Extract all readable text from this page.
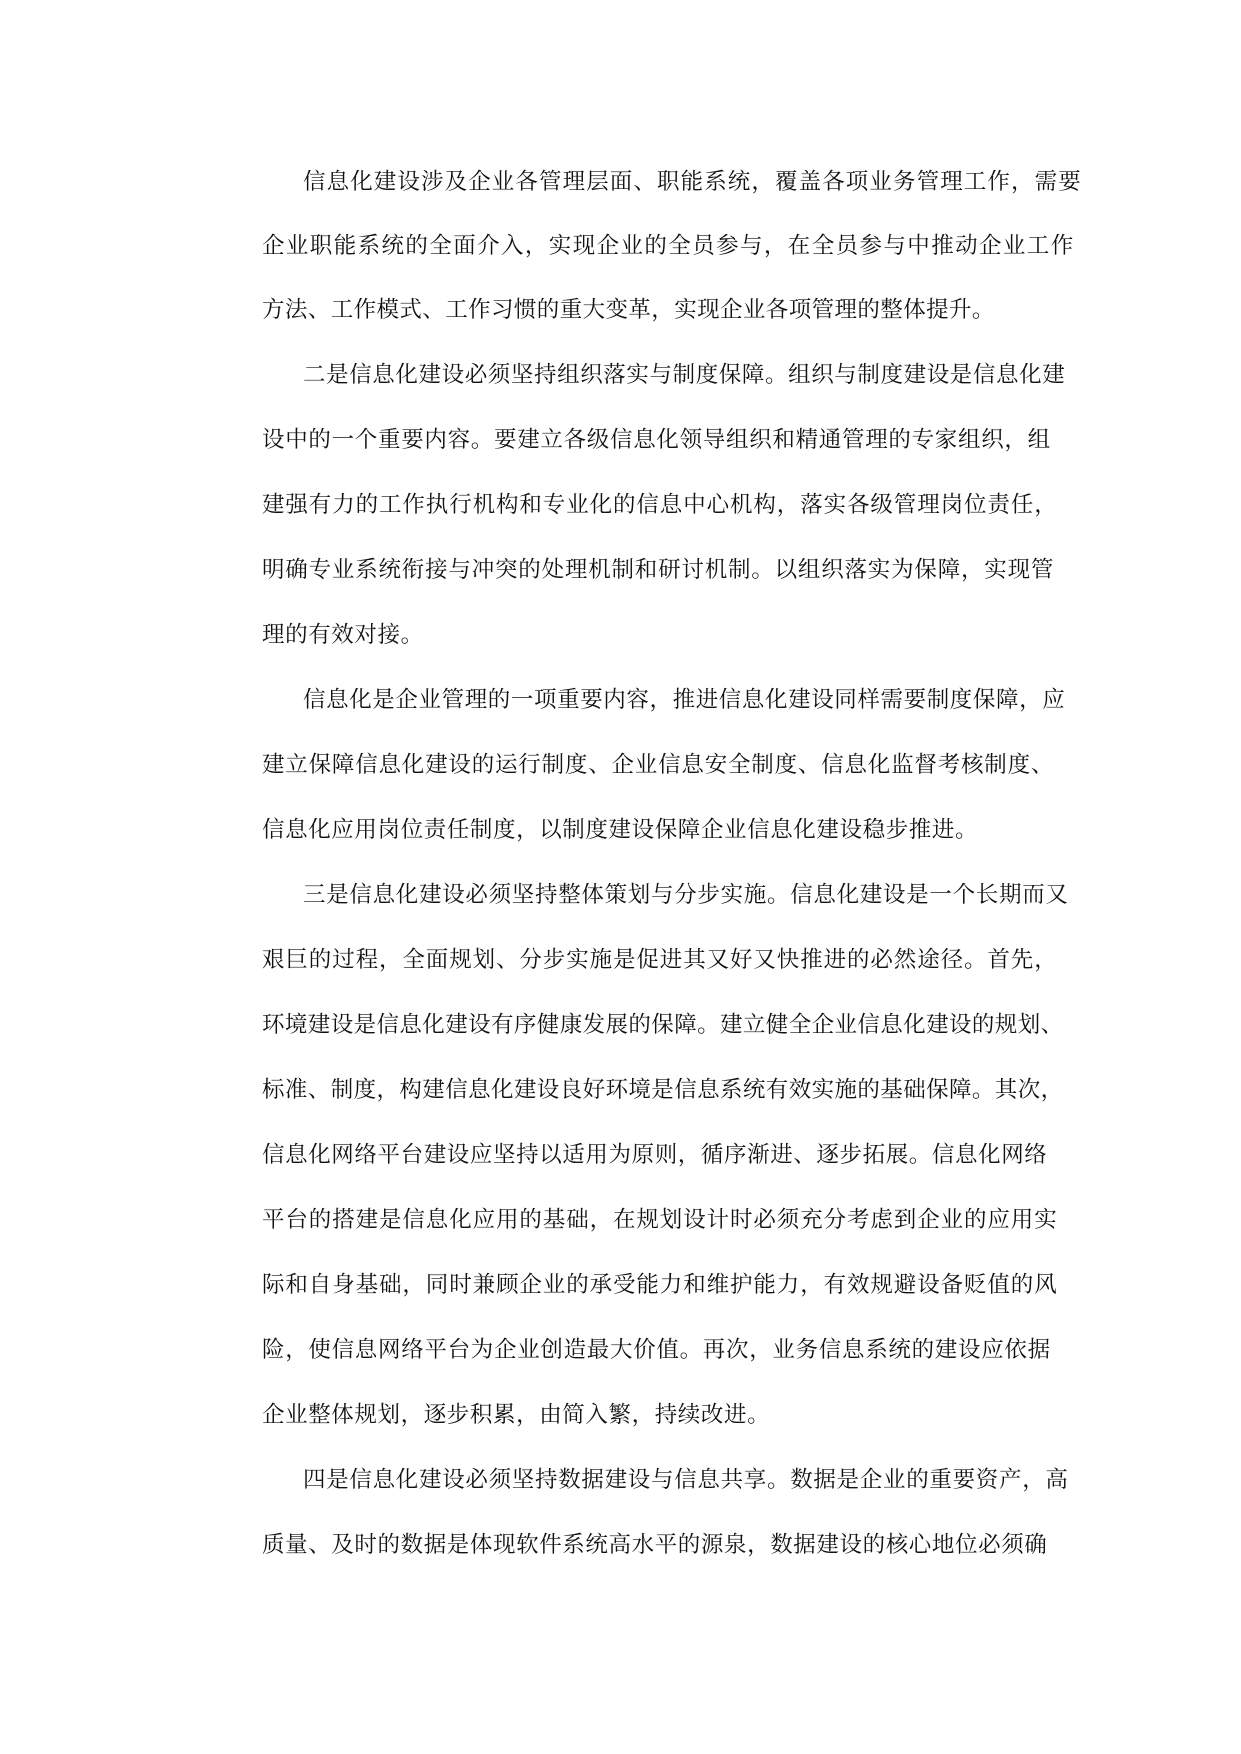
信息化建设涉及企业各管理层面、职能系统，覆盖各项业务管理工作，需要
企业职能系统的全面介入，实现企业的全员参与，在全员参与中推动企业工作
方法、工作模式、工作习惯的重大变革，实现企业各项管理的整体提升。
二是信息化建设必须坚持组织落实与制度保障。组织与制度建设是信息化建
设中的一个重要内容。要建立各级信息化领导组织和精通管理的专家组织，组
建强有力的工作执行机构和专业化的信息中心机构，落实各级管理岗位责任，
明确专业系统衔接与冲突的处理机制和研讨机制。以组织落实为保障，实现管
理的有效对接。
信息化是企业管理的一项重要内容，推进信息化建设同样需要制度保障，应
建立保障信息化建设的运行制度、企业信息安全制度、信息化监督考核制度、
信息化应用岗位责任制度，以制度建设保障企业信息化建设稳步推进。
三是信息化建设必须坚持整体策划与分步实施。信息化建设是一个长期而又
艰巨的过程，全面规划、分步实施是促进其又好又快推进的必然途径。首先，
环境建设是信息化建设有序健康发展的保障。建立健全企业信息化建设的规划、
标准、制度，构建信息化建设良好环境是信息系统有效实施的基础保障。其次，
信息化网络平台建设应坚持以适用为原则，循序渐进、逐步拓展。信息化网络
平台的搭建是信息化应用的基础，在规划设计时必须充分考虑到企业的应用实
际和自身基础，同时兼顾企业的承受能力和维护能力，有效规避设备贬值的风
险，使信息网络平台为企业创造最大价值。再次，业务信息系统的建设应依据
企业整体规划，逐步积累，由简入繁，持续改进。
四是信息化建设必须坚持数据建设与信息共享。数据是企业的重要资产，高
质量、及时的数据是体现软件系统高水平的源泉，数据建设的核心地位必须确
